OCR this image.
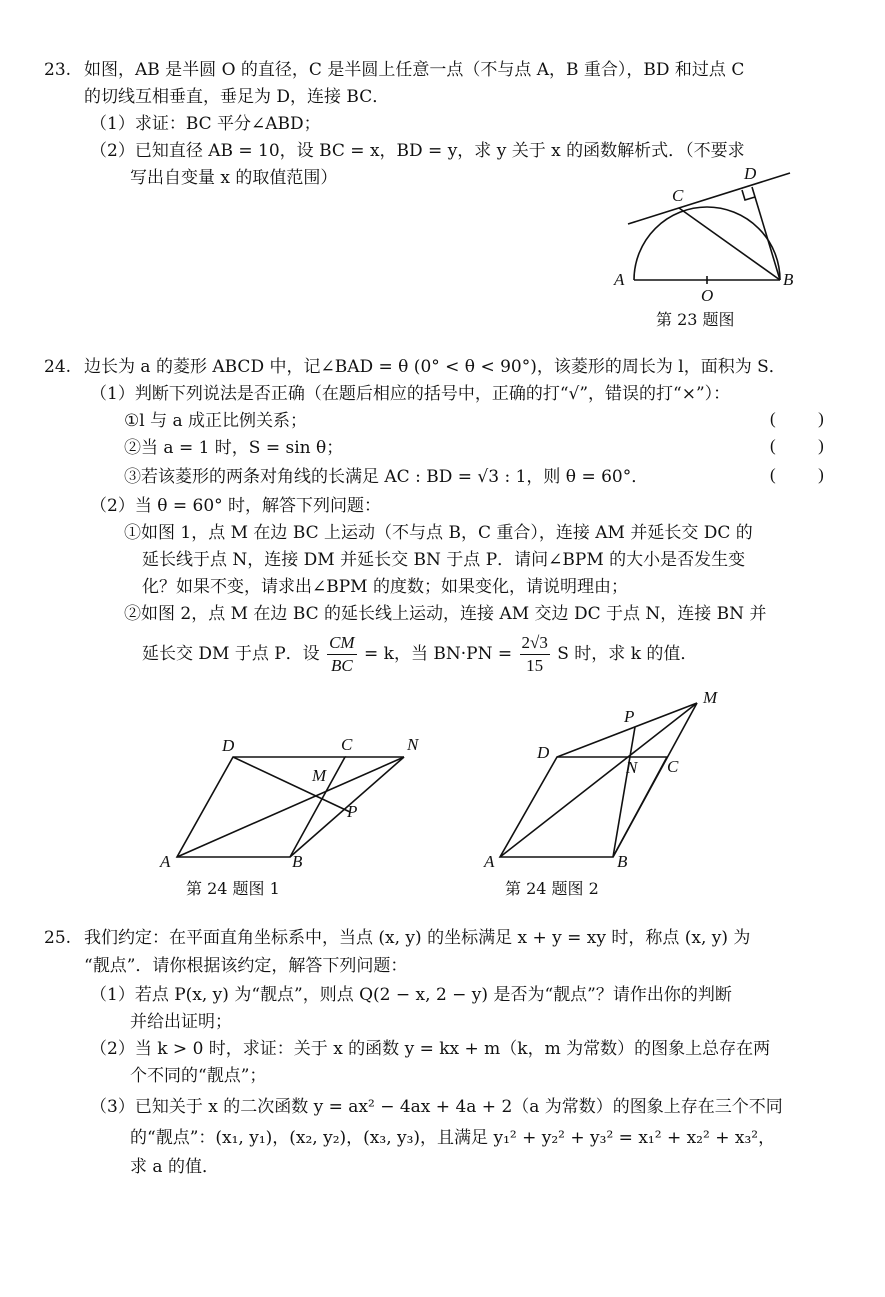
23. 如图，AB 是半圆 O 的直径，C 是半圆上任意一点（不与点 A，B 重合），BD 和过点 C
的切线互相垂直，垂足为 D，连接 BC．
（1）求证：BC 平分∠ABD；
（2）已知直径 AB = 10，设 BC = x，BD = y，求 y 关于 x 的函数解析式．（不要求
写出自变量 x 的取值范围）
A	B
C
D
O
第 23 题图
24. 边长为 a 的菱形 ABCD 中，记∠BAD = θ (0° < θ < 90°)，该菱形的周长为 l，面积为 S．
（1）判断下列说法是否正确（在题后相应的括号中，正确的打“√”，错误的打“×”）：
①l 与 a 成正比例关系；	(          )
②当 a = 1 时，S = sin θ；	(          )
③若该菱形的两条对角线的长满足 AC : BD = √3 : 1，则 θ = 60°．	(          )
（2）当 θ = 60° 时，解答下列问题：
①如图 1，点 M 在边 BC 上运动（不与点 B，C 重合），连接 AM 并延长交 DC 的
延长线于点 N，连接 DM 并延长交 BN 于点 P．请问∠BPM 的大小是否发生变
化？如果不变，请求出∠BPM 的度数；如果变化，请说明理由；
②如图 2，点 M 在边 BC 的延长线上运动，连接 AM 交边 DC 于点 N，连接 BN 并
延长交 DM 于点 P．设 $\frac{CM}{BC} = k$，当 $BN\cdot PN = \frac{2√3}{15}$ S 时，求 k 的值．
A	B
C
D
M
N
P
第 24 题图 1
A	B
C
D
M
N
P
第 24 题图 2
25. 我们约定：在平面直角坐标系中，当点 (x, y) 的坐标满足 x + y = xy 时，称点 (x, y) 为
“靓点”．请你根据该约定，解答下列问题：
（1）若点 P(x, y) 为“靓点”，则点 Q(2 − x, 2 − y) 是否为“靓点”？请作出你的判断
并给出证明；
（2）当 k > 0 时，求证：关于 x 的函数 y = kx + m（k，m 为常数）的图象上总存在两
个不同的“靓点”；
（3）已知关于 x 的二次函数 y = ax² − 4ax + 4a + 2（a 为常数）的图象上存在三个不同
的“靓点”：(x₁, y₁)，(x₂, y₂)，(x₃, y₃)，且满足 y₁² + y₂² + y₃² = x₁² + x₂² + x₃²，
求 a 的值．
